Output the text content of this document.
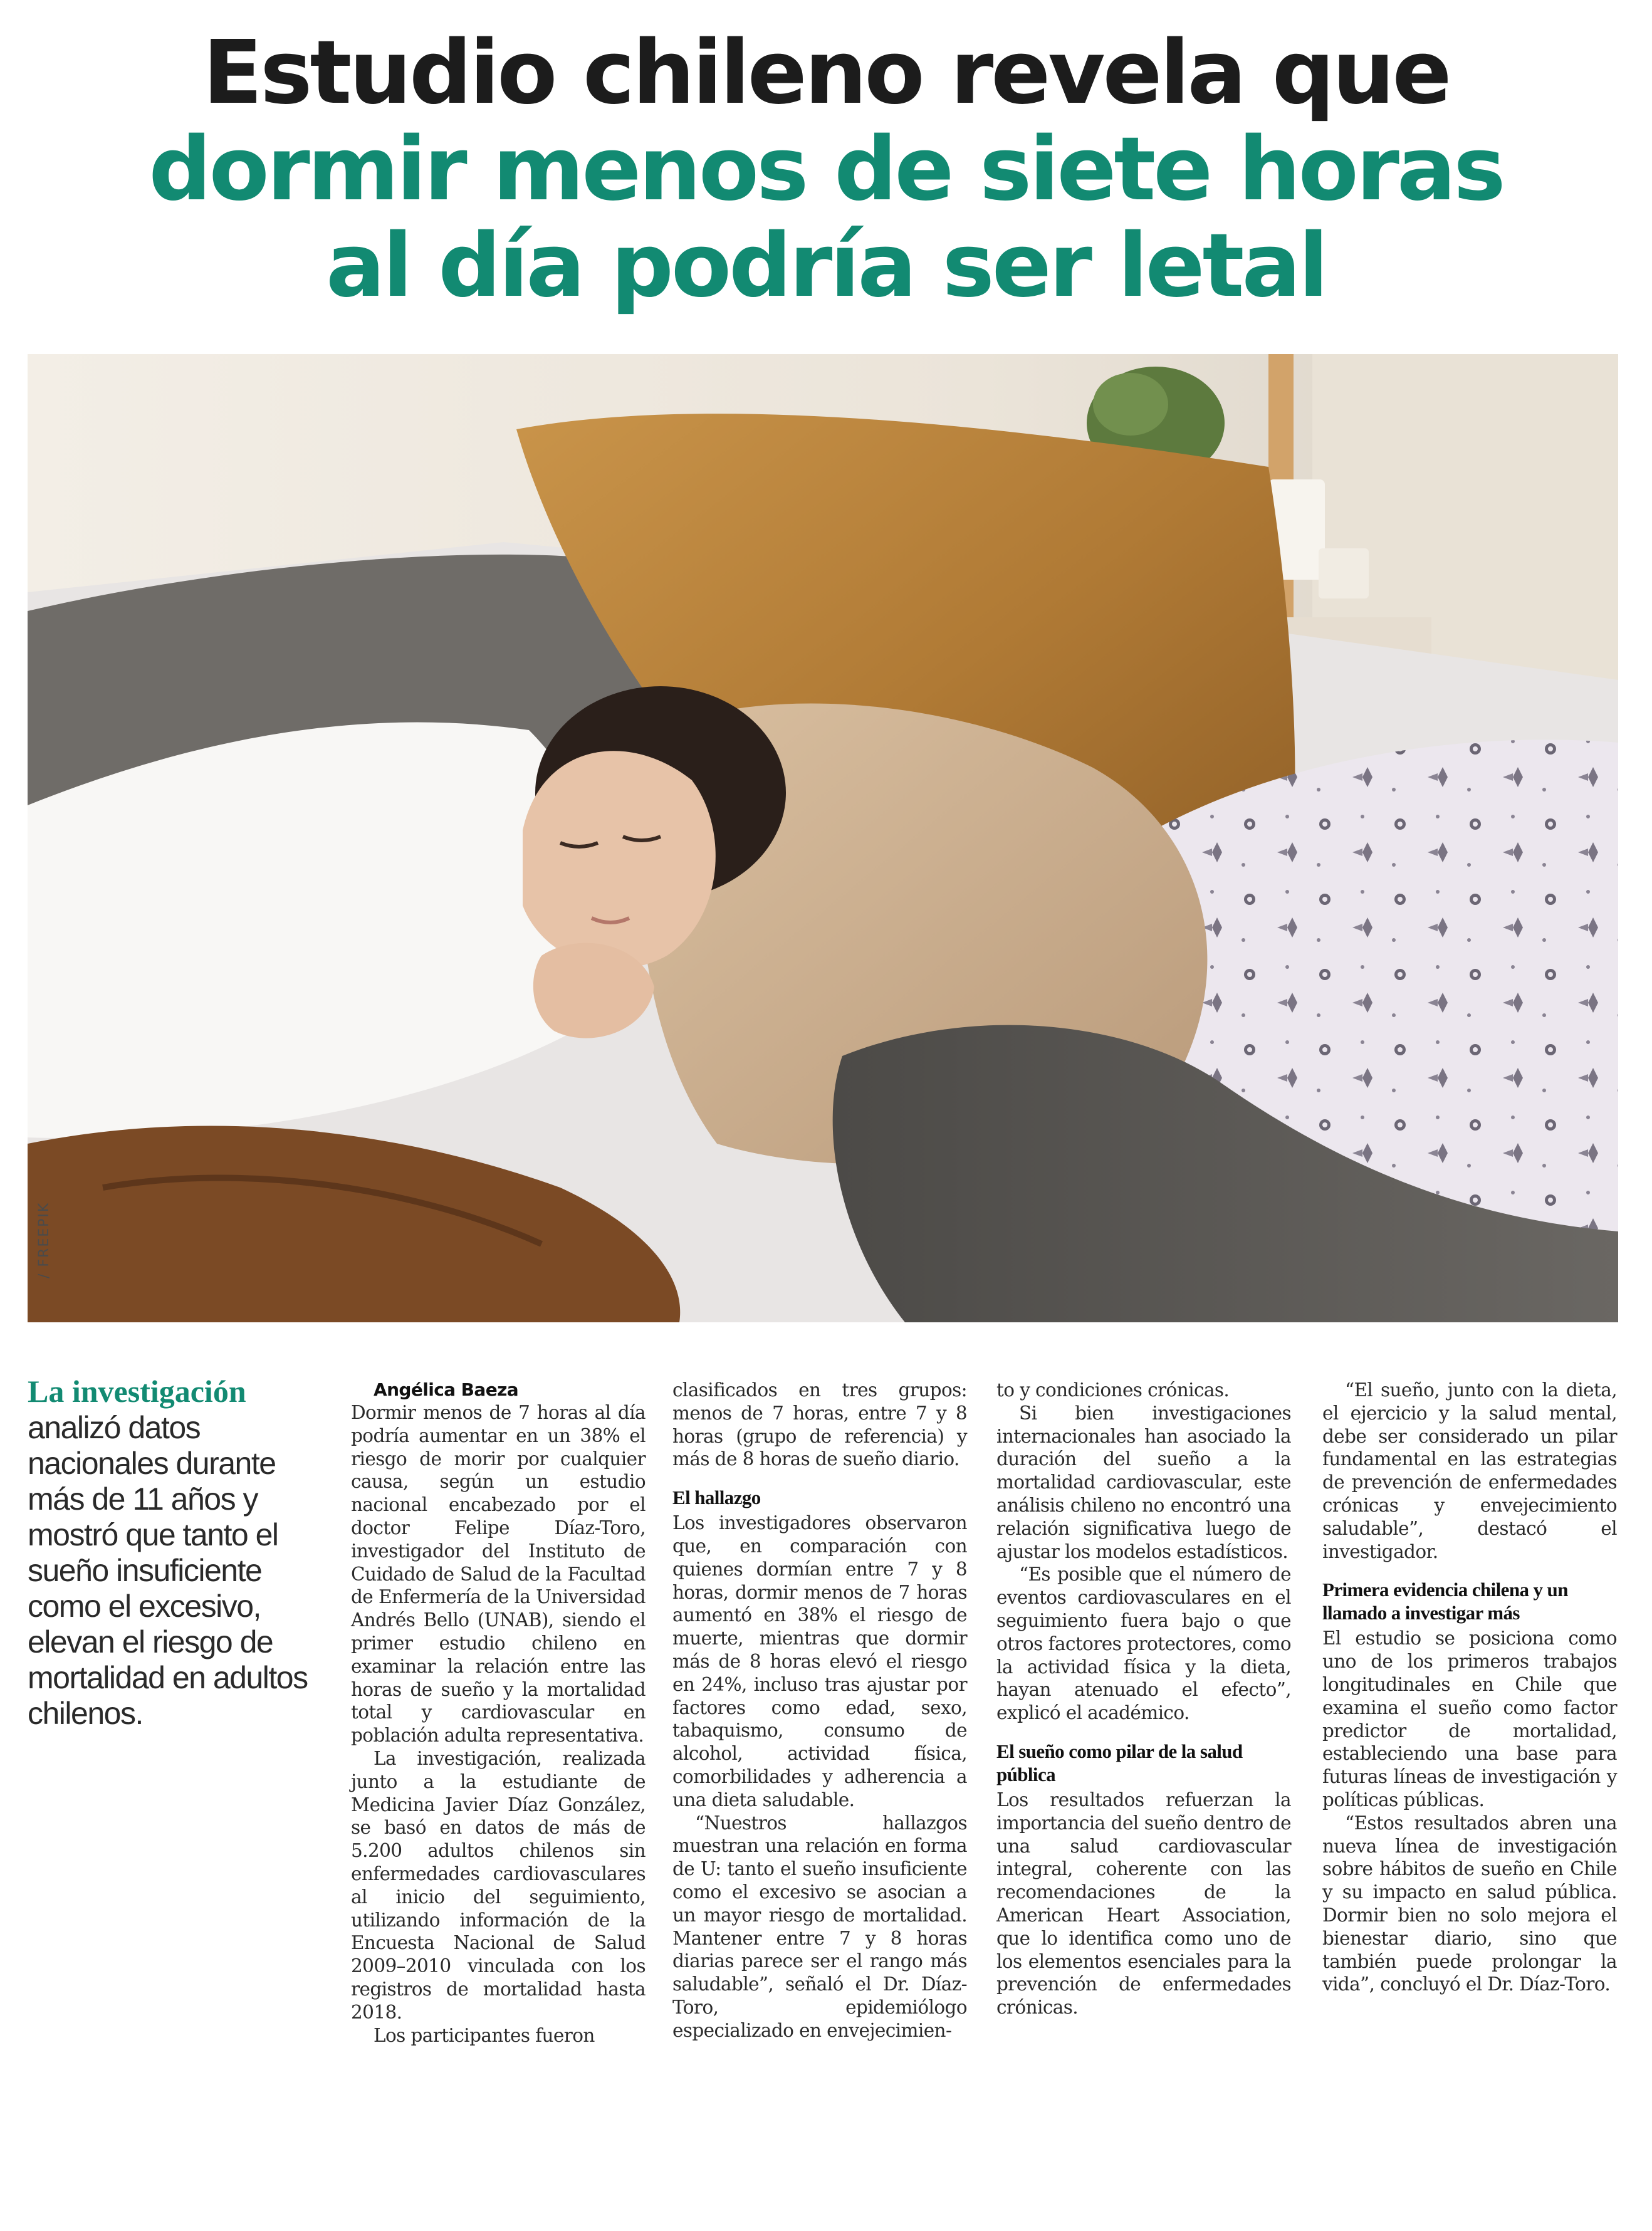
Estudio chileno revela que
dormir menos de siete horas
al día podría ser letal
/ FREEPIK
La investigación
analizó datos nacionales durante más de 11 años y mostró que tanto el sueño insuficiente como el excesivo, elevan el riesgo de mortalidad en adultos chilenos.

Angélica Baeza

Dormir menos de 7 horas al día podría aumentar en un 38% el riesgo de morir por cualquier causa, según un estudio nacional encabezado por el doctor Felipe Díaz-Toro, investigador del Instituto de Cuidado de Salud de la Facultad de Enfermería de la Universidad Andrés Bello (UNAB), siendo el primer estudio chileno en examinar la relación entre las horas de sueño y la mortalidad total y cardiovascular en población adulta representativa.

La investigación, realizada junto a la estudiante de Medicina Javier Díaz González, se basó en datos de más de 5.200 adultos chilenos sin enfermedades cardiovasculares al inicio del seguimiento, utilizando información de la Encuesta Nacional de Salud 2009–2010 vinculada con los registros de mortalidad hasta 2018.

Los participantes fueron

clasificados en tres grupos: menos de 7 horas, entre 7 y 8 horas (grupo de referencia) y más de 8 horas de sueño diario.

El hallazgo

Los investigadores observaron que, en comparación con quienes dormían entre 7 y 8 horas, dormir menos de 7 horas aumentó en 38% el riesgo de muerte, mientras que dormir más de 8 horas elevó el riesgo en 24%, incluso tras ajustar por factores como edad, sexo, tabaquismo, consumo de alcohol, actividad física, comorbilidades y adherencia a una dieta saludable.

“Nuestros hallazgos muestran una relación en forma de U: tanto el sueño insuficiente como el excesivo se asocian a un mayor riesgo de mortalidad. Mantener entre 7 y 8 horas diarias parece ser el rango más saludable”, señaló el Dr. Díaz-Toro, epidemiólogo especializado en envejecimien-

to y condiciones crónicas.

Si bien investigaciones internacionales han asociado la duración del sueño a la mortalidad cardiovascular, este análisis chileno no encontró una relación significativa luego de ajustar los modelos estadísticos.

“Es posible que el número de eventos cardiovasculares en el seguimiento fuera bajo o que otros factores protectores, como la actividad física y la dieta, hayan atenuado el efecto”, explicó el académico.

El sueño como pilar de la salud pública

Los resultados refuerzan la importancia del sueño dentro de una salud cardiovascular integral, coherente con las recomendaciones de la American Heart Association, que lo identifica como uno de los elementos esenciales para la prevención de enfermedades crónicas.

“El sueño, junto con la dieta, el ejercicio y la salud mental, debe ser considerado un pilar fundamental en las estrategias de prevención de enfermedades crónicas y envejecimiento saludable”, destacó el investigador.

Primera evidencia chilena y un llamado a investigar más

El estudio se posiciona como uno de los primeros trabajos longitudinales en Chile que examina el sueño como factor predictor de mortalidad, estableciendo una base para futuras líneas de investigación y políticas públicas.

“Estos resultados abren una nueva línea de investigación sobre hábitos de sueño en Chile y su impacto en salud pública. Dormir bien no solo mejora el bienestar diario, sino que también puede prolongar la vida”, concluyó el Dr. Díaz-Toro.
